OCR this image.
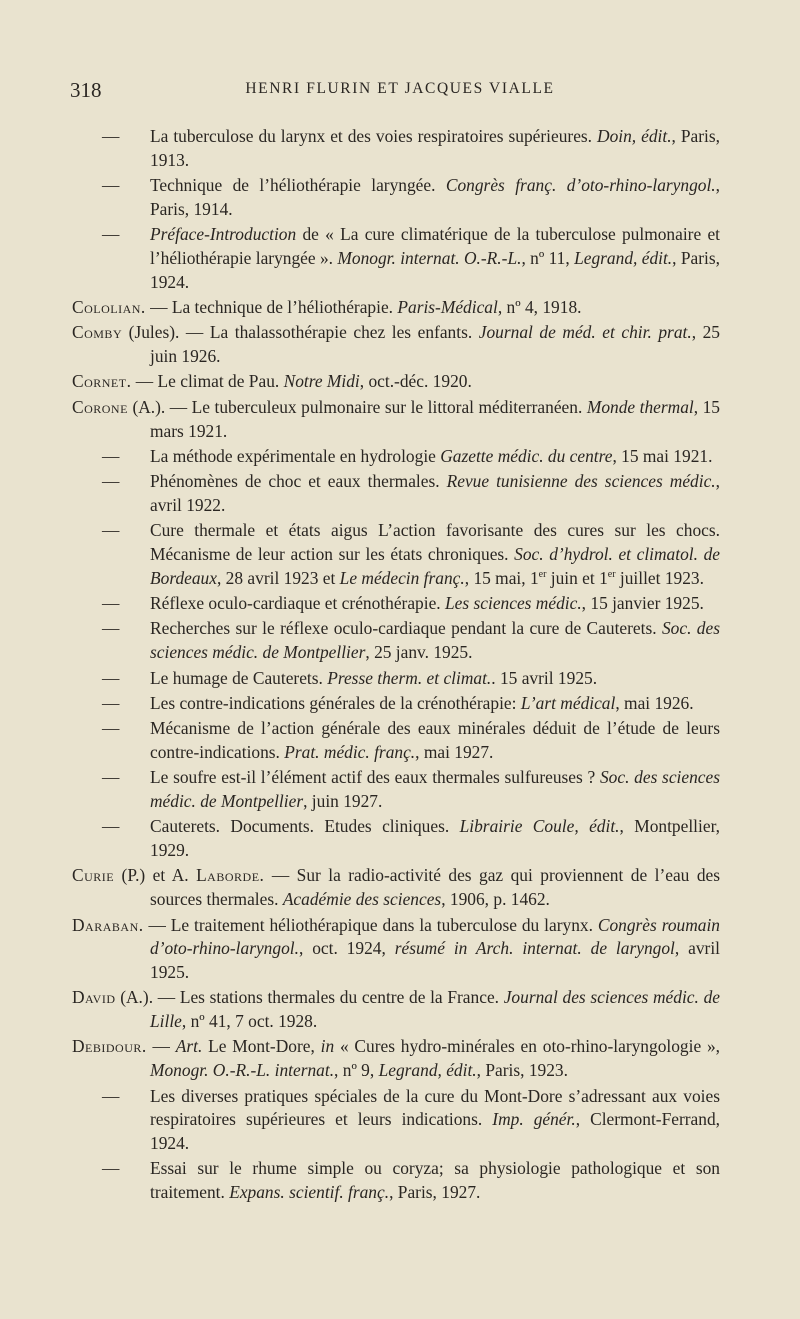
318	HENRI FLURIN ET JACQUES VIALLE
— La tuberculose du larynx et des voies respiratoires supérieures. Doin, édit., Paris, 1913.
— Technique de l’héliothérapie laryngée. Congrès franç. d’oto-rhino-laryngol., Paris, 1914.
— Préface-Introduction de « La cure climatérique de la tuberculose pulmonaire et l’héliothérapie laryngée ». Monogr. internat. O.-R.-L., nº 11, Legrand, édit., Paris, 1924.
Cololian. — La technique de l’héliothérapie. Paris-Médical, nº 4, 1918.
Comby (Jules). — La thalassothérapie chez les enfants. Journal de méd. et chir. prat., 25 juin 1926.
Cornet. — Le climat de Pau. Notre Midi, oct.-déc. 1920.
Corone (A.). — Le tuberculeux pulmonaire sur le littoral méditerranéen. Monde thermal, 15 mars 1921.
— La méthode expérimentale en hydrologie Gazette médic. du centre, 15 mai 1921.
— Phénomènes de choc et eaux thermales. Revue tunisienne des sciences médic., avril 1922.
— Cure thermale et états aigus L’action favorisante des cures sur les chocs. Mécanisme de leur action sur les états chroniques. Soc. d’hydrol. et climatol. de Bordeaux, 28 avril 1923 et Le médecin franç., 15 mai, 1er juin et 1er juillet 1923.
— Réflexe oculo-cardiaque et crénothérapie. Les sciences médic., 15 janvier 1925.
— Recherches sur le réflexe oculo-cardiaque pendant la cure de Cauterets. Soc. des sciences médic. de Montpellier, 25 janv. 1925.
— Le humage de Cauterets. Presse therm. et climat.. 15 avril 1925.
— Les contre-indications générales de la crénothérapie: L’art médical, mai 1926.
— Mécanisme de l’action générale des eaux minérales déduit de l’étude de leurs contre-indications. Prat. médic. franç., mai 1927.
— Le soufre est-il l’élément actif des eaux thermales sulfureuses ? Soc. des sciences médic. de Montpellier, juin 1927.
— Cauterets. Documents. Etudes cliniques. Librairie Coule, édit., Montpellier, 1929.
Curie (P.) et A. Laborde. — Sur la radio-activité des gaz qui proviennent de l’eau des sources thermales. Académie des sciences, 1906, p. 1462.
Daraban. — Le traitement héliothérapique dans la tuberculose du larynx. Congrès roumain d’oto-rhino-laryngol., oct. 1924, résumé in Arch. internat. de laryngol, avril 1925.
David (A.). — Les stations thermales du centre de la France. Journal des sciences médic. de Lille, nº 41, 7 oct. 1928.
Debidour. — Art. Le Mont-Dore, in « Cures hydro-minérales en oto-rhino-laryngologie », Monogr. O.-R.-L. internat., nº 9, Legrand, édit., Paris, 1923.
— Les diverses pratiques spéciales de la cure du Mont-Dore s’adressant aux voies respiratoires supérieures et leurs indications. Imp. génér., Clermont-Ferrand, 1924.
— Essai sur le rhume simple ou coryza; sa physiologie pathologique et son traitement. Expans. scientif. franç., Paris, 1927.
